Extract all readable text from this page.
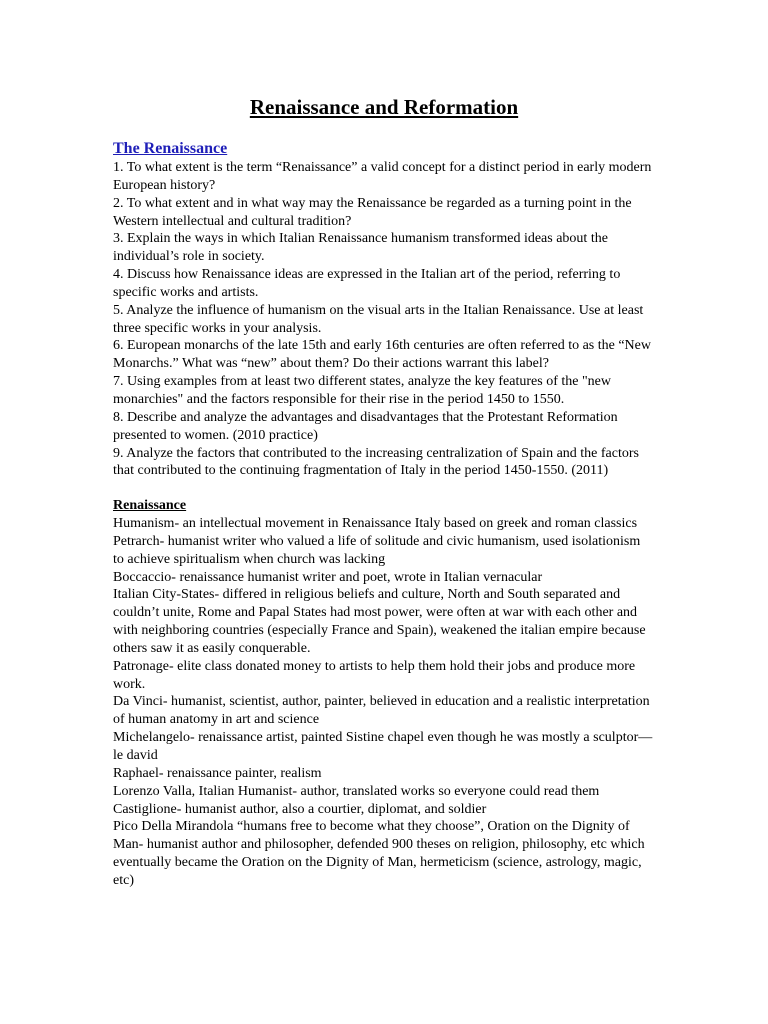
Renaissance and Reformation
The Renaissance

1. To what extent is the term “Renaissance” a valid concept for a distinct period in early modern European history?

2. To what extent and in what way may the Renaissance be regarded as a turning point in the Western intellectual and cultural tradition?

3. Explain the ways in which Italian Renaissance humanism transformed ideas about the individual’s role in society.

4. Discuss how Renaissance ideas are expressed in the Italian art of the period, referring to specific works and artists.

5. Analyze the influence of humanism on the visual arts in the Italian Renaissance. Use at least three specific works in your analysis.

6. European monarchs of the late 15th and early 16th centuries are often referred to as the “New Monarchs.” What was “new” about them? Do their actions warrant this label?

7. Using examples from at least two different states, analyze the key features of the "new monarchies" and the factors responsible for their rise in the period 1450 to 1550.

8. Describe and analyze the advantages and disadvantages that the Protestant Reformation presented to women. (2010 practice)

9. Analyze the factors that contributed to the increasing centralization of Spain and the factors that contributed to the continuing fragmentation of Italy in the period 1450-1550. (2011)

Renaissance

Humanism- an intellectual movement in Renaissance Italy based on greek and roman classics

Petrarch- humanist writer who valued a life of solitude and civic humanism, used isolationism to achieve spiritualism when church was lacking

Boccaccio- renaissance humanist writer and poet, wrote in Italian vernacular

Italian City-States- differed in religious beliefs and culture, North and South separated and couldn’t unite, Rome and Papal States had most power, were often at war with each other and with neighboring countries (especially France and Spain), weakened the italian empire because others saw it as easily conquerable.

Patronage- elite class donated money to artists to help them hold their jobs and produce more work.

Da Vinci- humanist, scientist, author, painter, believed in education and a realistic interpretation of human anatomy in art and science

Michelangelo- renaissance artist, painted Sistine chapel even though he was mostly a sculptor—le david

Raphael- renaissance painter, realism

Lorenzo Valla, Italian Humanist- author, translated works so everyone could read them

Castiglione- humanist author, also a courtier, diplomat, and soldier

Pico Della Mirandola “humans free to become what they choose”, Oration on the Dignity of Man- humanist author and philosopher, defended 900 theses on religion, philosophy, etc which eventually became the Oration on the Dignity of Man, hermeticism (science, astrology, magic, etc)
